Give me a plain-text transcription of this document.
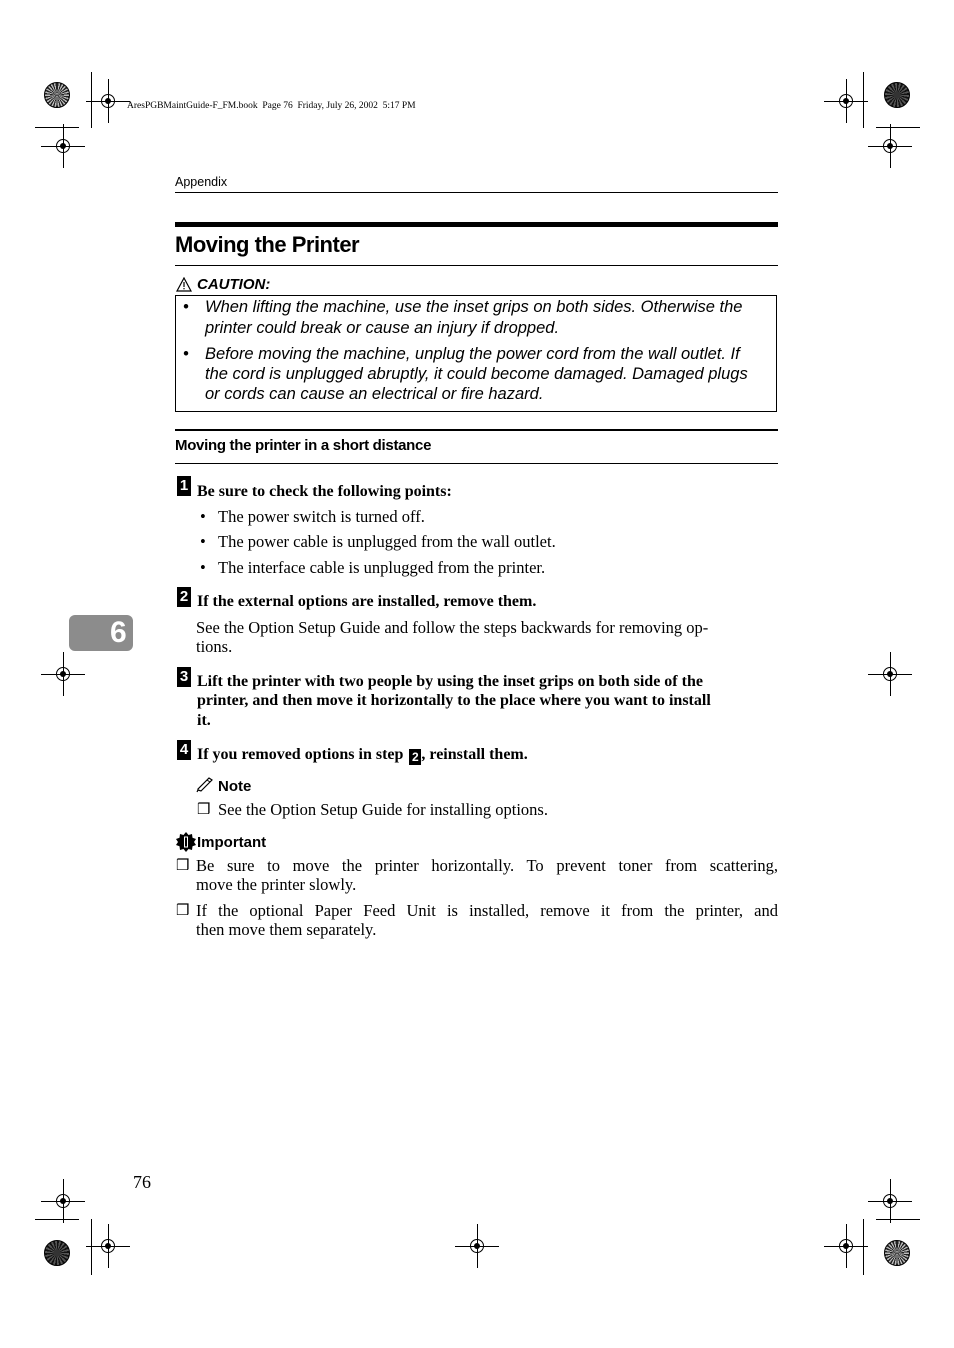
AresPGBMaintGuide-F_FM.book  Page 76  Friday, July 26, 2002  5:17 PM
Appendix
6
Moving the Printer
CAUTION:
• When lifting the machine, use the inset grips on both sides. Otherwise the
printer could break or cause an injury if dropped.
• Before moving the machine, unplug the power cord from the wall outlet. If
the cord is unplugged abruptly, it could become damaged. Damaged plugs
or cords can cause an electrical or fire hazard.
Moving the printer in a short distance
1 Be sure to check the following points:
• The power switch is turned off.
• The power cable is unplugged from the wall outlet.
• The interface cable is unplugged from the printer.
2 If the external options are installed, remove them.
See the Option Setup Guide and follow the steps backwards for removing op-
tions.
3 Lift the printer with two people by using the inset grips on both side of the
printer, and then move it horizontally to the place where you want to install
it.
4 If you removed options in step 2 , reinstall them.
Note
❒ See the Option Setup Guide for installing options.
Important
❒ Be sure to move the printer horizontally. To prevent toner from scattering,
move the printer slowly.
❒ If the optional Paper Feed Unit is installed, remove it from the printer, and
then move them separately.
76
